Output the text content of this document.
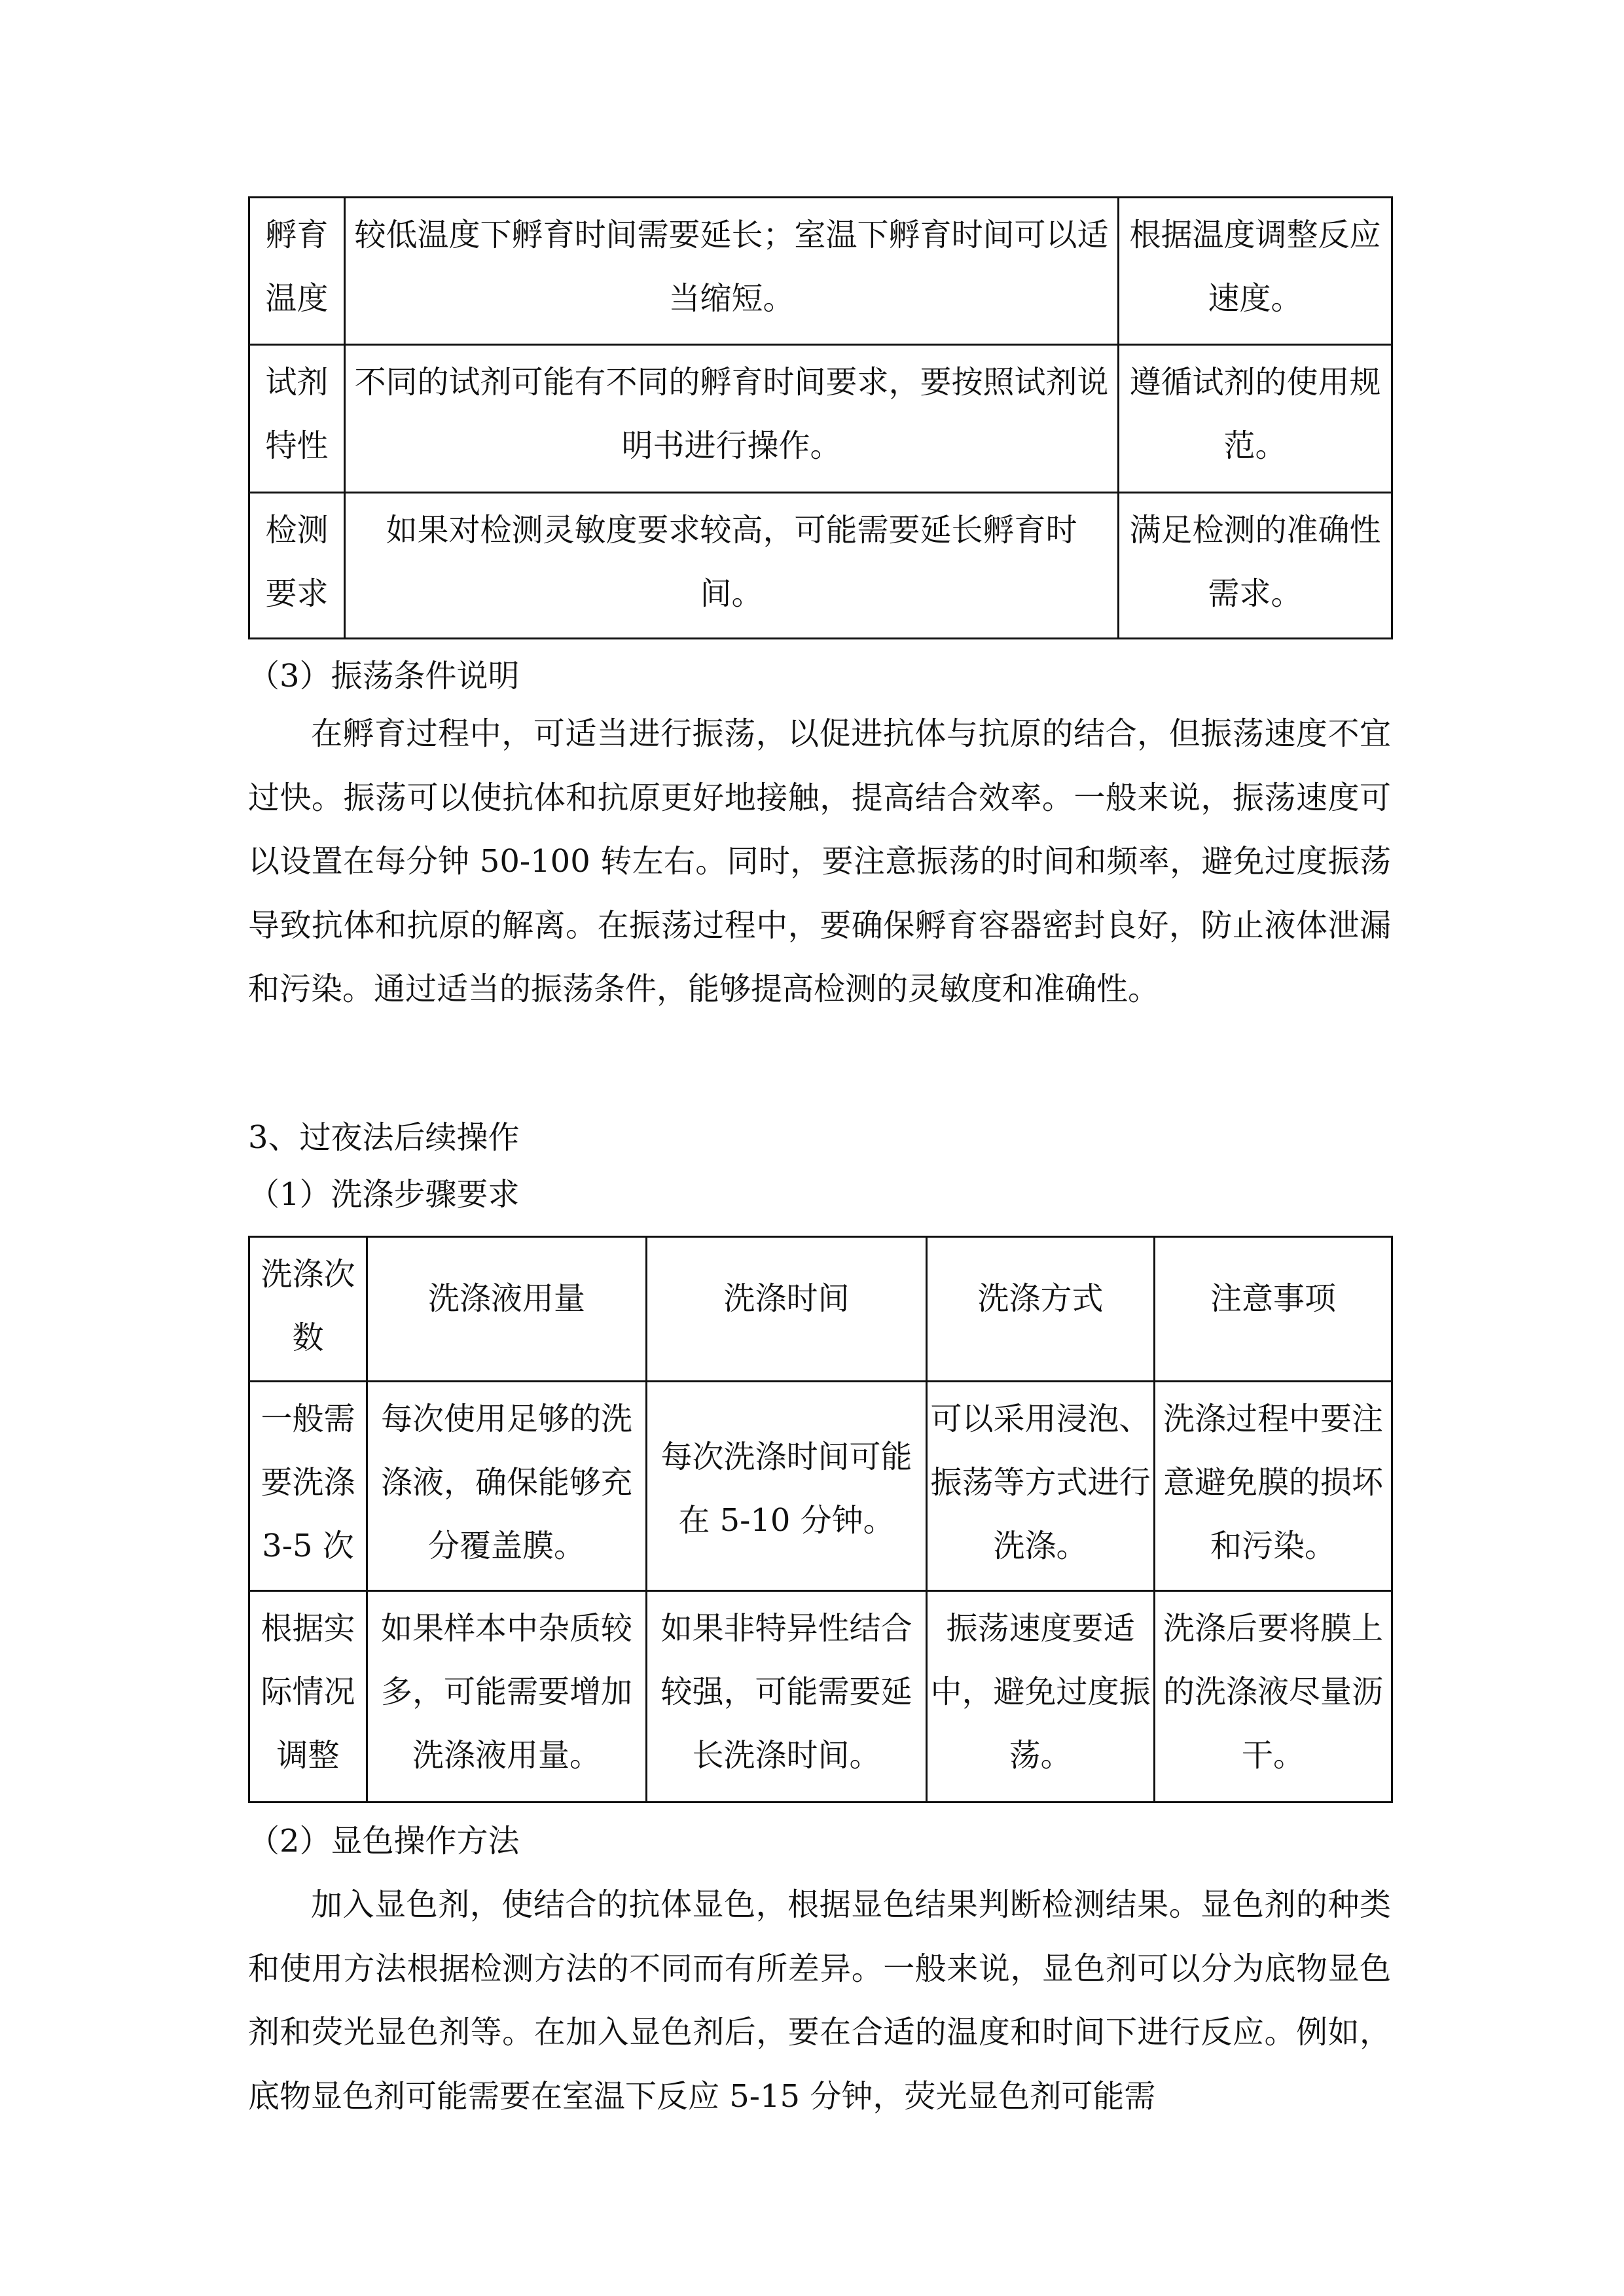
孵育温度	较低温度下孵育时间需要延长；室温下孵育时间可以适当缩短。	根据温度调整反应速度。
试剂特性	不同的试剂可能有不同的孵育时间要求，要按照试剂说明书进行操作。	遵循试剂的使用规范。
检测要求	如果对检测灵敏度要求较高，可能需要延长孵育时间。	满足检测的准确性需求。
（3）振荡条件说明
在孵育过程中，可适当进行振荡，以促进抗体与抗原的结合，但振荡速度不宜过快。振荡可以使抗体和抗原更好地接触，提高结合效率。一般来说，振荡速度可以设置在每分钟 50-100 转左右。同时，要注意振荡的时间和频率，避免过度振荡导致抗体和抗原的解离。在振荡过程中，要确保孵育容器密封良好，防止液体泄漏和污染。通过适当的振荡条件，能够提高检测的灵敏度和准确性。
3、过夜法后续操作
（1）洗涤步骤要求
洗涤次数	洗涤液用量	洗涤时间	洗涤方式	注意事项
一般需要洗涤 3-5 次	每次使用足够的洗涤液，确保能够充分覆盖膜。	每次洗涤时间可能在 5-10 分钟。	可以采用浸泡、振荡等方式进行洗涤。	洗涤过程中要注意避免膜的损坏和污染。
根据实际情况调整	如果样本中杂质较多，可能需要增加洗涤液用量。	如果非特异性结合较强，可能需要延长洗涤时间。	振荡速度要适中，避免过度振荡。	洗涤后要将膜上的洗涤液尽量沥干。
（2）显色操作方法
加入显色剂，使结合的抗体显色，根据显色结果判断检测结果。显色剂的种类和使用方法根据检测方法的不同而有所差异。一般来说，显色剂可以分为底物显色剂和荧光显色剂等。在加入显色剂后，要在合适的温度和时间下进行反应。例如，底物显色剂可能需要在室温下反应 5-15 分钟，荧光显色剂可能需
